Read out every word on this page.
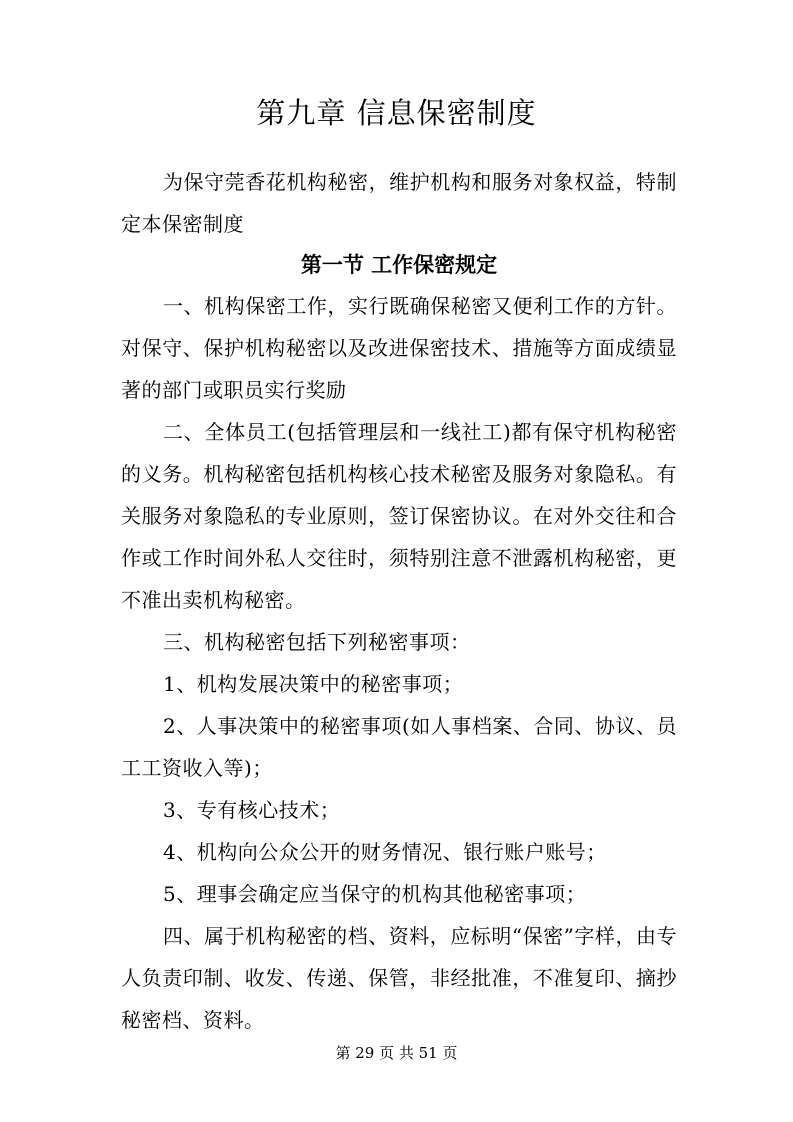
第九章 信息保密制度

为保守莞香花机构秘密，维护机构和服务对象权益，特制定本保密制度

第一节 工作保密规定

一、机构保密工作，实行既确保秘密又便利工作的方针。对保守、保护机构秘密以及改进保密技术、措施等方面成绩显著的部门或职员实行奖励

二、全体员工(包括管理层和一线社工)都有保守机构秘密的义务。机构秘密包括机构核心技术秘密及服务对象隐私。有关服务对象隐私的专业原则，签订保密协议。在对外交往和合作或工作时间外私人交往时，须特别注意不泄露机构秘密，更不准出卖机构秘密。

三、机构秘密包括下列秘密事项：

1、机构发展决策中的秘密事项；

2、人事决策中的秘密事项(如人事档案、合同、协议、员工工资收入等)；

3、专有核心技术；

4、机构向公众公开的财务情况、银行账户账号；

5、理事会确定应当保守的机构其他秘密事项；

四、属于机构秘密的档、资料，应标明“保密”字样，由专人负责印制、收发、传递、保管，非经批准，不准复印、摘抄秘密档、资料。

第 29 页 共 51 页
